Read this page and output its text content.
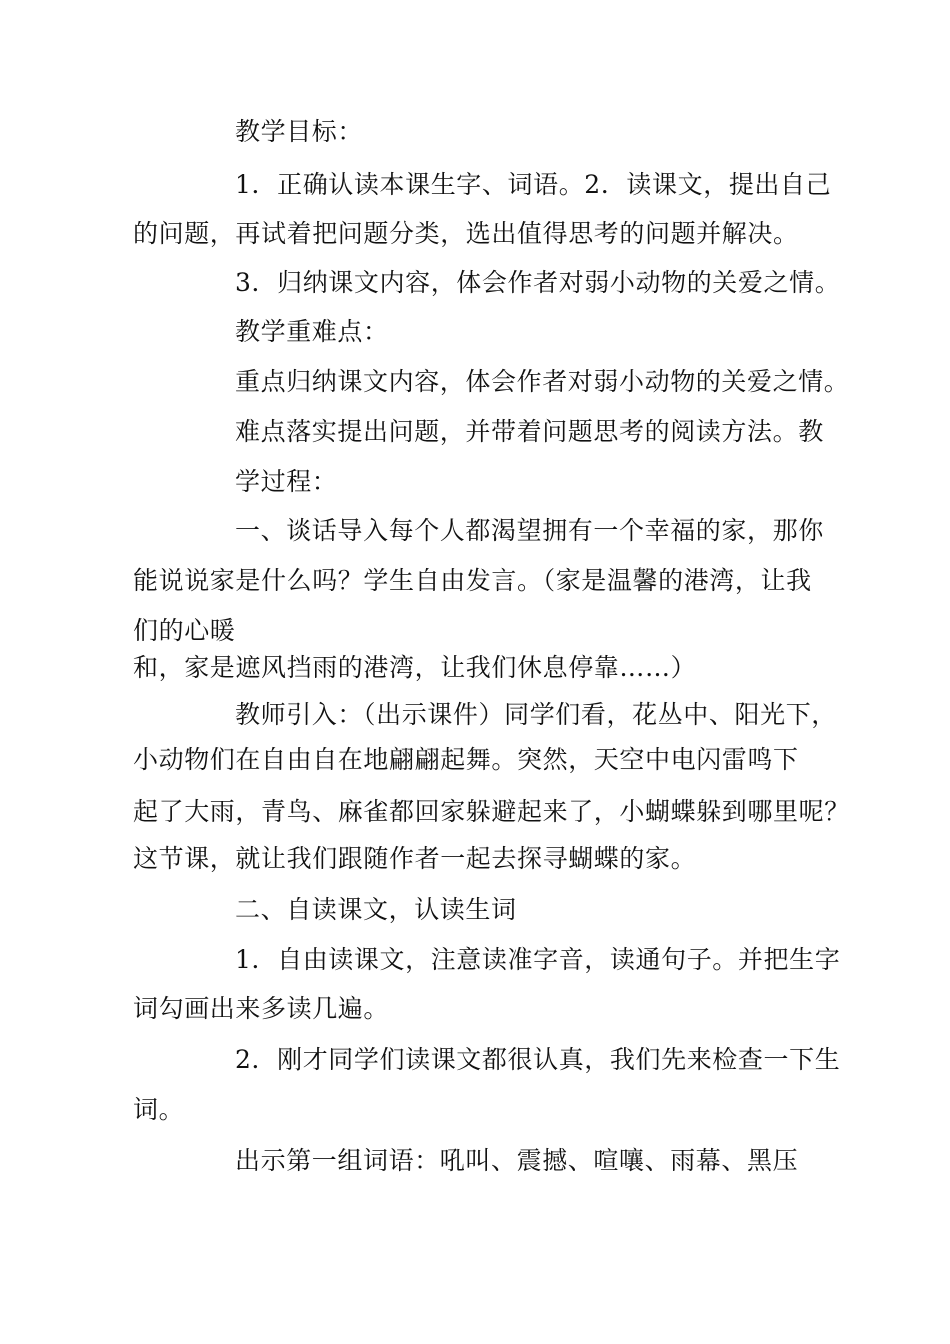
教学目标：
1．正确认读本课生字、词语。2．读课文，提出自己
的问题，再试着把问题分类，选出值得思考的问题并解决。
3．归纳课文内容，体会作者对弱小动物的关爱之情。
教学重难点：
重点归纳课文内容，体会作者对弱小动物的关爱之情。
难点落实提出问题，并带着问题思考的阅读方法。教
学过程：
一、谈话导入每个人都渴望拥有一个幸福的家，那你
能说说家是什么吗？学生自由发言。（家是温馨的港湾，让我
们的心暖
和，家是遮风挡雨的港湾，让我们休息停靠……）
教师引入：（出示课件）同学们看，花丛中、阳光下，
小动物们在自由自在地翩翩起舞。突然，天空中电闪雷鸣下
起了大雨，青鸟、麻雀都回家躲避起来了，小蝴蝶躲到哪里呢？
这节课，就让我们跟随作者一起去探寻蝴蝶的家。
二、自读课文，认读生词
1．自由读课文，注意读准字音，读通句子。并把生字
词勾画出来多读几遍。
2．刚才同学们读课文都很认真，我们先来检查一下生
词。
出示第一组词语：吼叫、震撼、喧嚷、雨幕、黑压
